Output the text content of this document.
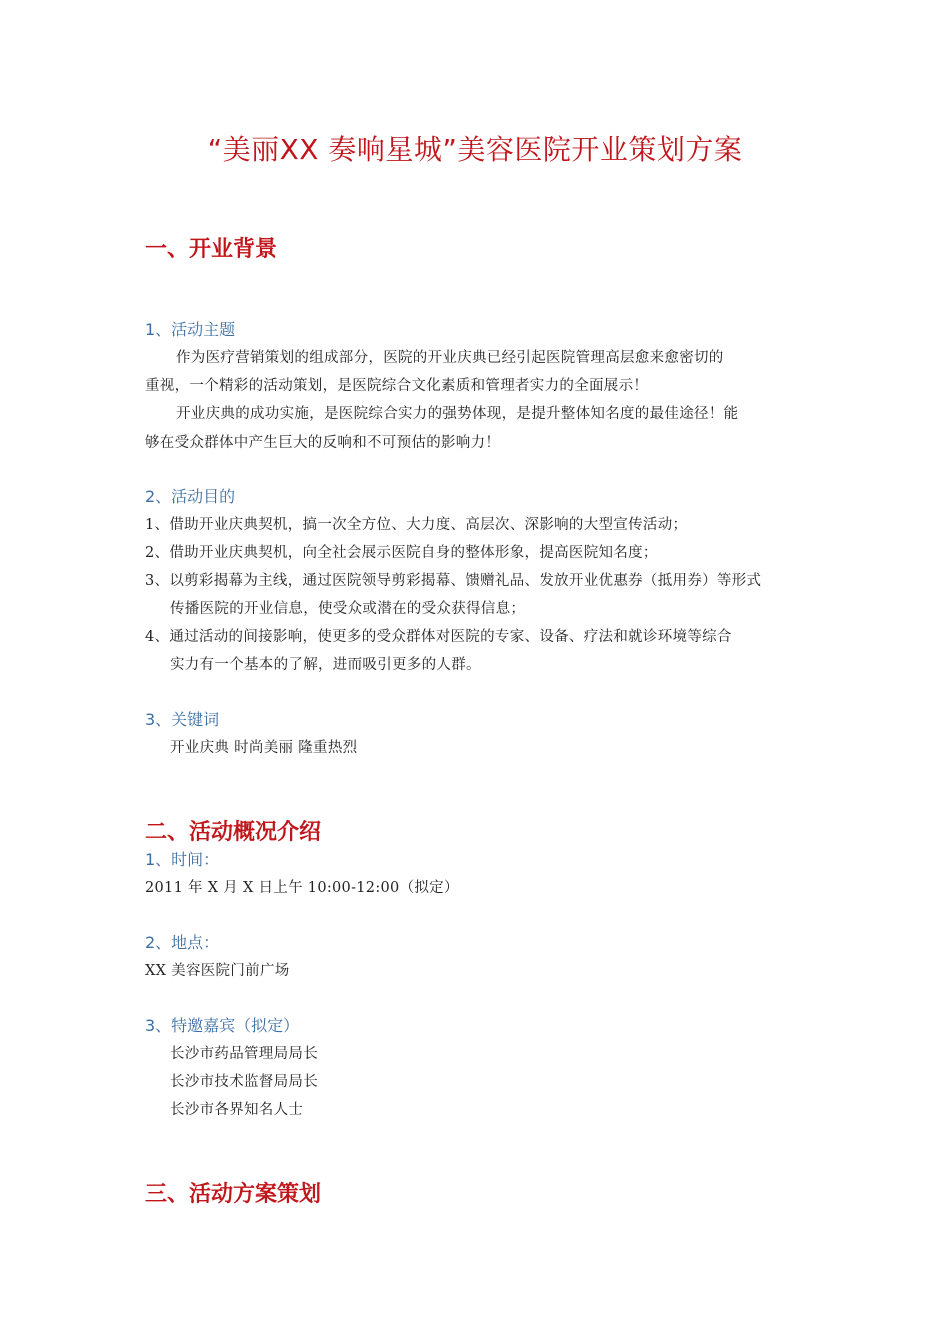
“美丽XX 奏响星城”美容医院开业策划方案
一、开业背景
1、活动主题
作为医疗营销策划的组成部分，医院的开业庆典已经引起医院管理高层愈来愈密切的
重视，一个精彩的活动策划，是医院综合文化素质和管理者实力的全面展示！
开业庆典的成功实施，是医院综合实力的强势体现，是提升整体知名度的最佳途径！能
够在受众群体中产生巨大的反响和不可预估的影响力！
2、活动目的
1、借助开业庆典契机，搞一次全方位、大力度、高层次、深影响的大型宣传活动；
2、借助开业庆典契机，向全社会展示医院自身的整体形象，提高医院知名度；
3、以剪彩揭幕为主线，通过医院领导剪彩揭幕、馈赠礼品、发放开业优惠券（抵用券）等形式
传播医院的开业信息，使受众或潜在的受众获得信息；
4、通过活动的间接影响，使更多的受众群体对医院的专家、设备、疗法和就诊环境等综合
实力有一个基本的了解，进而吸引更多的人群。
3、关键词
开业庆典 时尚美丽 隆重热烈
二、活动概况介绍
1、时间：
2011 年 X 月 X 日上午 10:00-12:00（拟定）
2、地点：
XX 美容医院门前广场
3、特邀嘉宾（拟定）
长沙市药品管理局局长
长沙市技术监督局局长
长沙市各界知名人士
三、活动方案策划
